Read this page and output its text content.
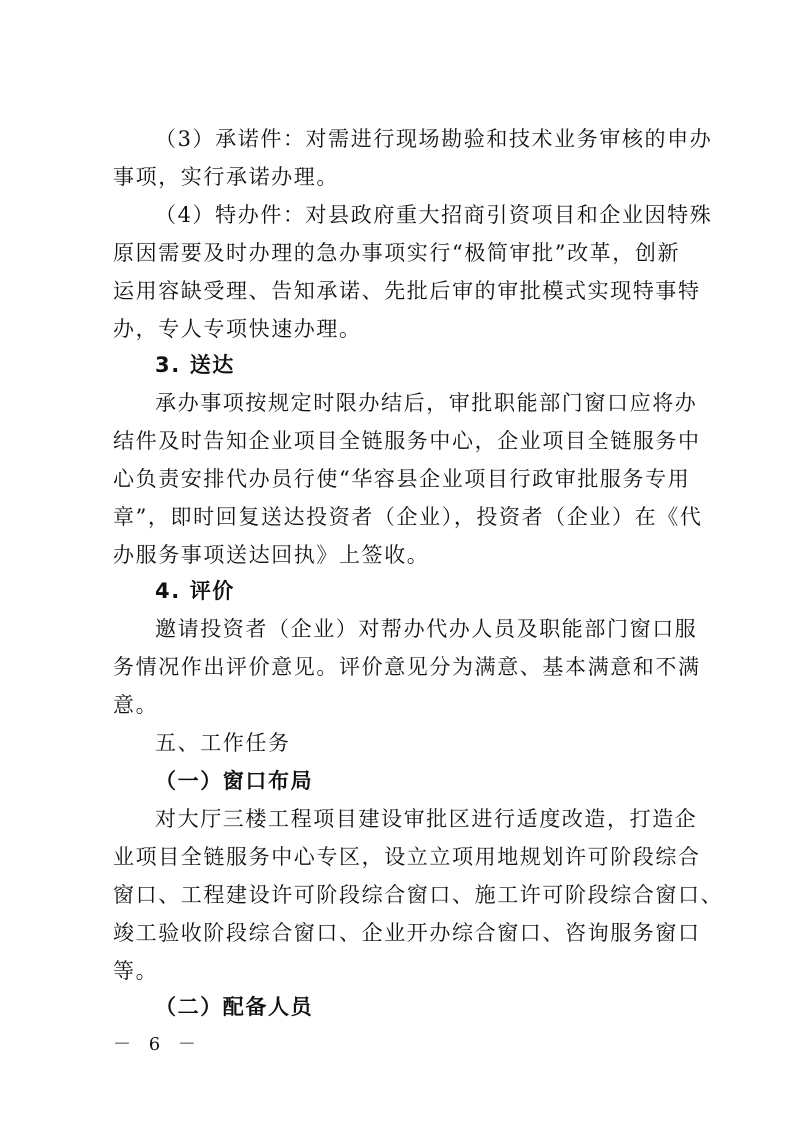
（3）承诺件：对需进行现场勘验和技术业务审核的申办

事项，实行承诺办理。

（4）特办件：对县政府重大招商引资项目和企业因特殊

原因需要及时办理的急办事项实行“极简审批”改革，创新

运用容缺受理、告知承诺、先批后审的审批模式实现特事特

办，专人专项快速办理。

3. 送达

承办事项按规定时限办结后，审批职能部门窗口应将办

结件及时告知企业项目全链服务中心，企业项目全链服务中

心负责安排代办员行使“华容县企业项目行政审批服务专用

章”，即时回复送达投资者（企业），投资者（企业）在《代

办服务事项送达回执》上签收。

4. 评价

邀请投资者（企业）对帮办代办人员及职能部门窗口服

务情况作出评价意见。评价意见分为满意、基本满意和不满

意。

五、工作任务

（一）窗口布局

对大厅三楼工程项目建设审批区进行适度改造，打造企

业项目全链服务中心专区，设立立项用地规划许可阶段综合

窗口、工程建设许可阶段综合窗口、施工许可阶段综合窗口、

竣工验收阶段综合窗口、企业开办综合窗口、咨询服务窗口

等。

（二）配备人员

－ 6 －
